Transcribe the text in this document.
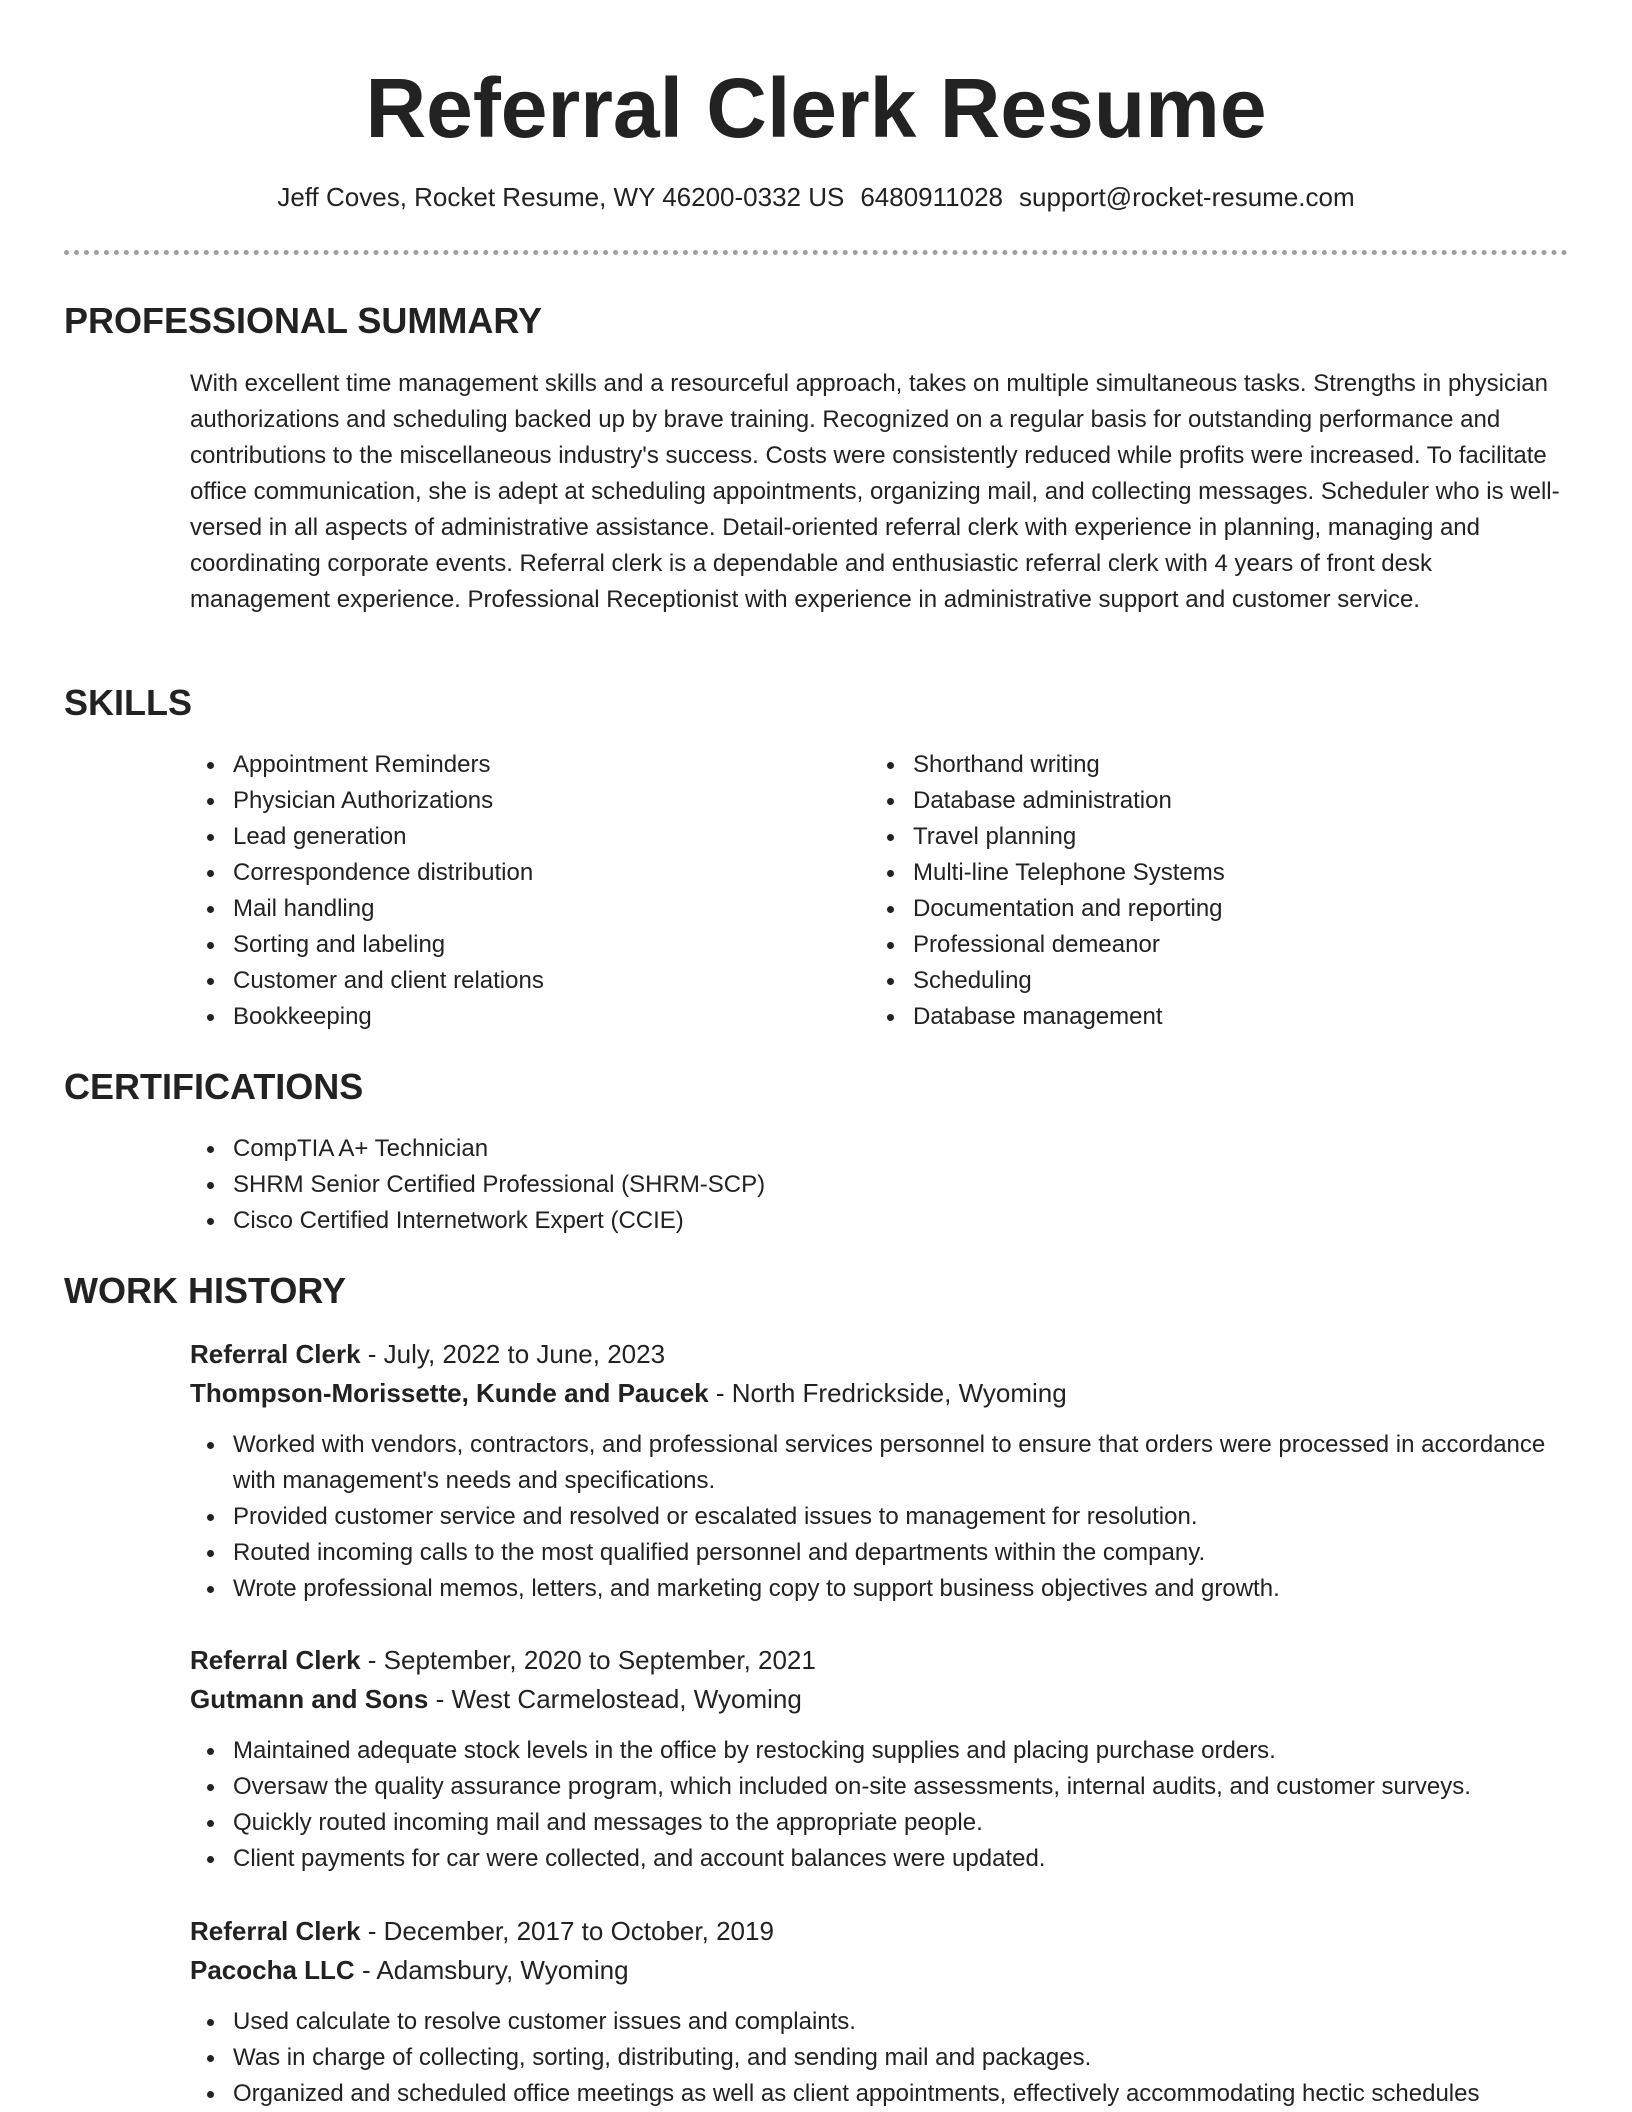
Referral Clerk Resume
Jeff Coves, Rocket Resume, WY 46200-0332 US 6480911028 support@rocket-resume.com
PROFESSIONAL SUMMARY

With excellent time management skills and a resourceful approach, takes on multiple simultaneous tasks. Strengths in physician authorizations and scheduling backed up by brave training. Recognized on a regular basis for outstanding performance and contributions to the miscellaneous industry's success. Costs were consistently reduced while profits were increased. To facilitate office communication, she is adept at scheduling appointments, organizing mail, and collecting messages. Scheduler who is well-versed in all aspects of administrative assistance. Detail-oriented referral clerk with experience in planning, managing and coordinating corporate events. Referral clerk is a dependable and enthusiastic referral clerk with 4 years of front desk management experience. Professional Receptionist with experience in administrative support and customer service.

SKILLS
Appointment Reminders
Physician Authorizations
Lead generation
Correspondence distribution
Mail handling
Sorting and labeling
Customer and client relations
Bookkeeping
Shorthand writing
Database administration
Travel planning
Multi-line Telephone Systems
Documentation and reporting
Professional demeanor
Scheduling
Database management
CERTIFICATIONS
CompTIA A+ Technician
SHRM Senior Certified Professional (SHRM-SCP)
Cisco Certified Internetwork Expert (CCIE)
WORK HISTORY
Referral Clerk - July, 2022 to June, 2023
Thompson-Morissette, Kunde and Paucek - North Fredrickside, Wyoming
Worked with vendors, contractors, and professional services personnel to ensure that orders were processed in accordance with management's needs and specifications.
Provided customer service and resolved or escalated issues to management for resolution.
Routed incoming calls to the most qualified personnel and departments within the company.
Wrote professional memos, letters, and marketing copy to support business objectives and growth.
Referral Clerk - September, 2020 to September, 2021
Gutmann and Sons - West Carmelostead, Wyoming
Maintained adequate stock levels in the office by restocking supplies and placing purchase orders.
Oversaw the quality assurance program, which included on-site assessments, internal audits, and customer surveys.
Quickly routed incoming mail and messages to the appropriate people.
Client payments for car were collected, and account balances were updated.
Referral Clerk - December, 2017 to October, 2019
Pacocha LLC - Adamsbury, Wyoming
Used calculate to resolve customer issues and complaints.
Was in charge of collecting, sorting, distributing, and sending mail and packages.
Organized and scheduled office meetings as well as client appointments, effectively accommodating hectic schedules
